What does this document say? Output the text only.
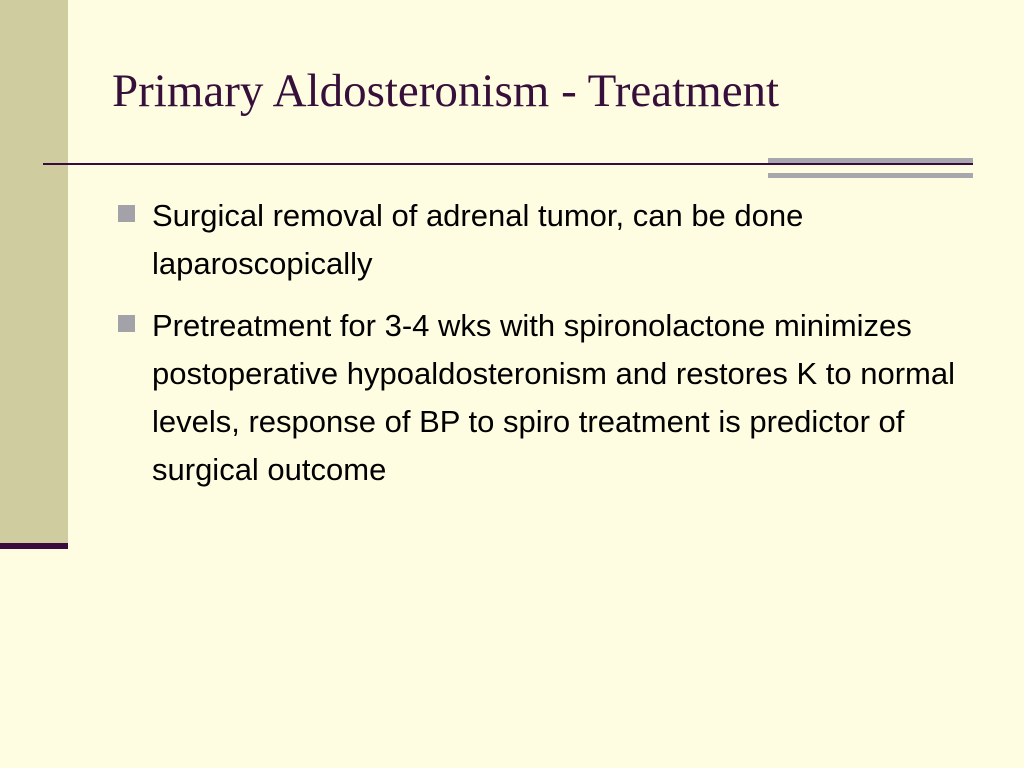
Primary Aldosteronism - Treatment
Surgical removal of adrenal tumor, can be done laparoscopically
Pretreatment for 3-4 wks with spironolactone minimizes postoperative hypoaldosteronism and restores K to normal levels, response of BP to spiro treatment is predictor of surgical outcome
